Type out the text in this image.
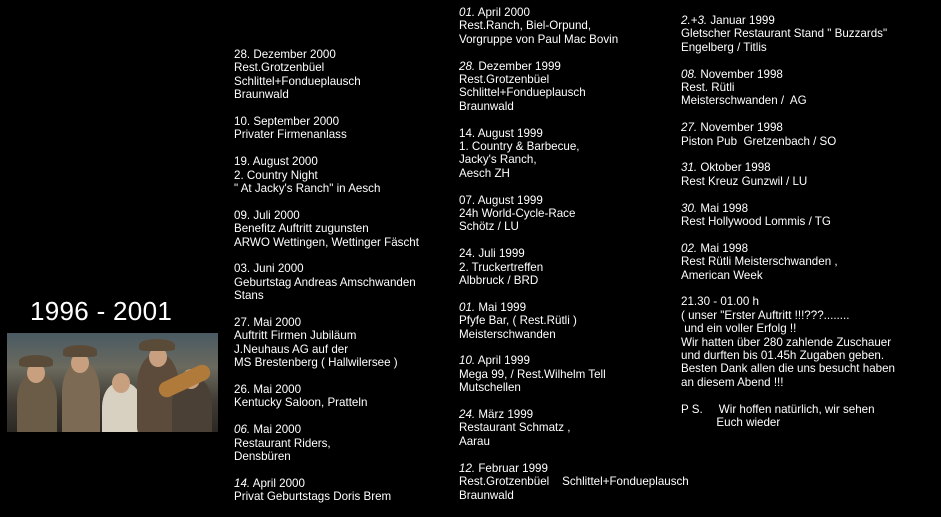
1996 - 2001
28. Dezember 2000
Rest.Grotzenbüel
Schlittel+Fondueplausch
Braunwald
10. September 2000
Privater Firmenanlass
19. August 2000
2. Country Night
" At Jacky's Ranch" in Aesch
09. Juli 2000
Benefitz Auftritt zugunsten
ARWO Wettingen, Wettinger Fäscht
03. Juni 2000
Geburtstag Andreas Amschwanden
Stans
27. Mai 2000
Auftritt Firmen Jubiläum
J.Neuhaus AG auf der
MS Brestenberg ( Hallwilersee )
26. Mai 2000
Kentucky Saloon, Pratteln
06. Mai 2000
Restaurant Riders,
Densbüren
14. April 2000
Privat Geburtstags Doris Brem
01. April 2000
Rest.Ranch, Biel-Orpund,
Vorgruppe von Paul Mac Bovin
28. Dezember 1999
Rest.Grotzenbüel
Schlittel+Fondueplausch
Braunwald
14. August 1999
1. Country & Barbecue,
Jacky's Ranch,
Aesch ZH
07. August 1999
24h World-Cycle-Race
Schötz / LU
24. Juli 1999
2. Truckertreffen
Albbruck / BRD
01. Mai 1999
Pfyfe Bar, ( Rest.Rütli )
Meisterschwanden
10. April 1999
Mega 99, / Rest.Wilhelm Tell
Mutschellen
24. März 1999
Restaurant Schmatz ,
Aarau
12. Februar 1999
Rest.Grotzenbüel    Schlittel+Fondueplausch
Braunwald
2.+3. Januar 1999
Gletscher Restaurant Stand " Buzzards"
Engelberg / Titlis
08. November 1998
Rest. Rütli
Meisterschwanden /  AG
27. November 1998
Piston Pub  Gretzenbach / SO
31. Oktober 1998
Rest Kreuz Gunzwil / LU
30. Mai 1998
Rest Hollywood Lommis / TG
02. Mai 1998
Rest Rütli Meisterschwanden ,
American Week
21.30 - 01.00 h
( unser "Erster Auftritt !!!???........
und ein voller Erfolg !!
Wir hatten über 280 zahlende Zuschauer
und durften bis 01.45h Zugaben geben.
Besten Dank allen die uns besucht haben
an diesem Abend !!!
P S.     Wir hoffen natürlich, wir sehen
Euch wieder
